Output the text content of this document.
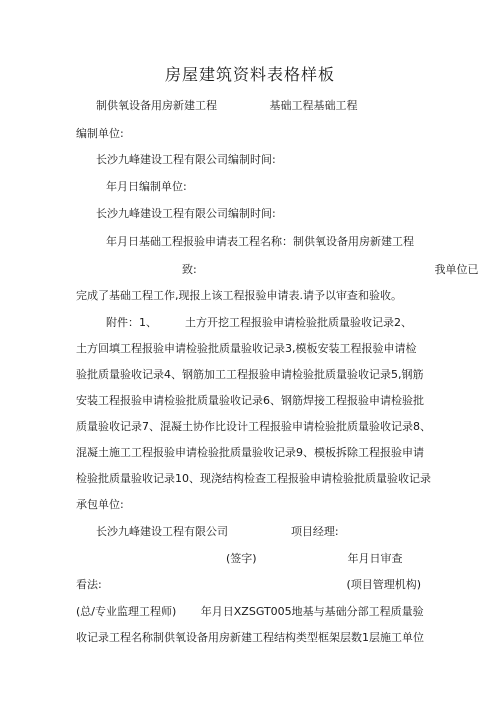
房屋建筑资料表格样板
制供氧设备用房新建工程               基础工程基础工程
编制单位:
长沙九峰建设工程有限公司编制时间:
年月日编制单位:
长沙九峰建设工程有限公司编制时间:
年月日基础工程报验申请表工程名称：制供氧设备用房新建工程
致:                                                                    我单位已
完成了基础工程工作,现报上该工程报验申请表.请予以审查和验收。
附件：1、        土方开挖工程报验申请检验批质量验收记录2、
土方回填工程报验申请检验批质量验收记录3,模板安装工程报验申请检
验批质量验收记录4、钢筋加工工程报验申请检验批质量验收记录5,钢筋
安装工程报验申请检验批质量验收记录6、钢筋焊接工程报验申请检验批
质量验收记录7、混凝土协作比设计工程报验申请检验批质量验收记录8、
混凝土施工工程报验申请检验批质量验收记录9、模板拆除工程报验申请
检验批质量验收记录10、现浇结构检查工程报验申请检验批质量验收记录
承包单位:
长沙九峰建设工程有限公司                  项目经理:
(签字)                          年月日审查
看法:                                                                      (项目管理机构)
(总/专业监理工程师)       年月日XZSGT005地基与基础分部工程质量验
收记录工程名称制供氧设备用房新建工程结构类型框架层数1层施工单位
